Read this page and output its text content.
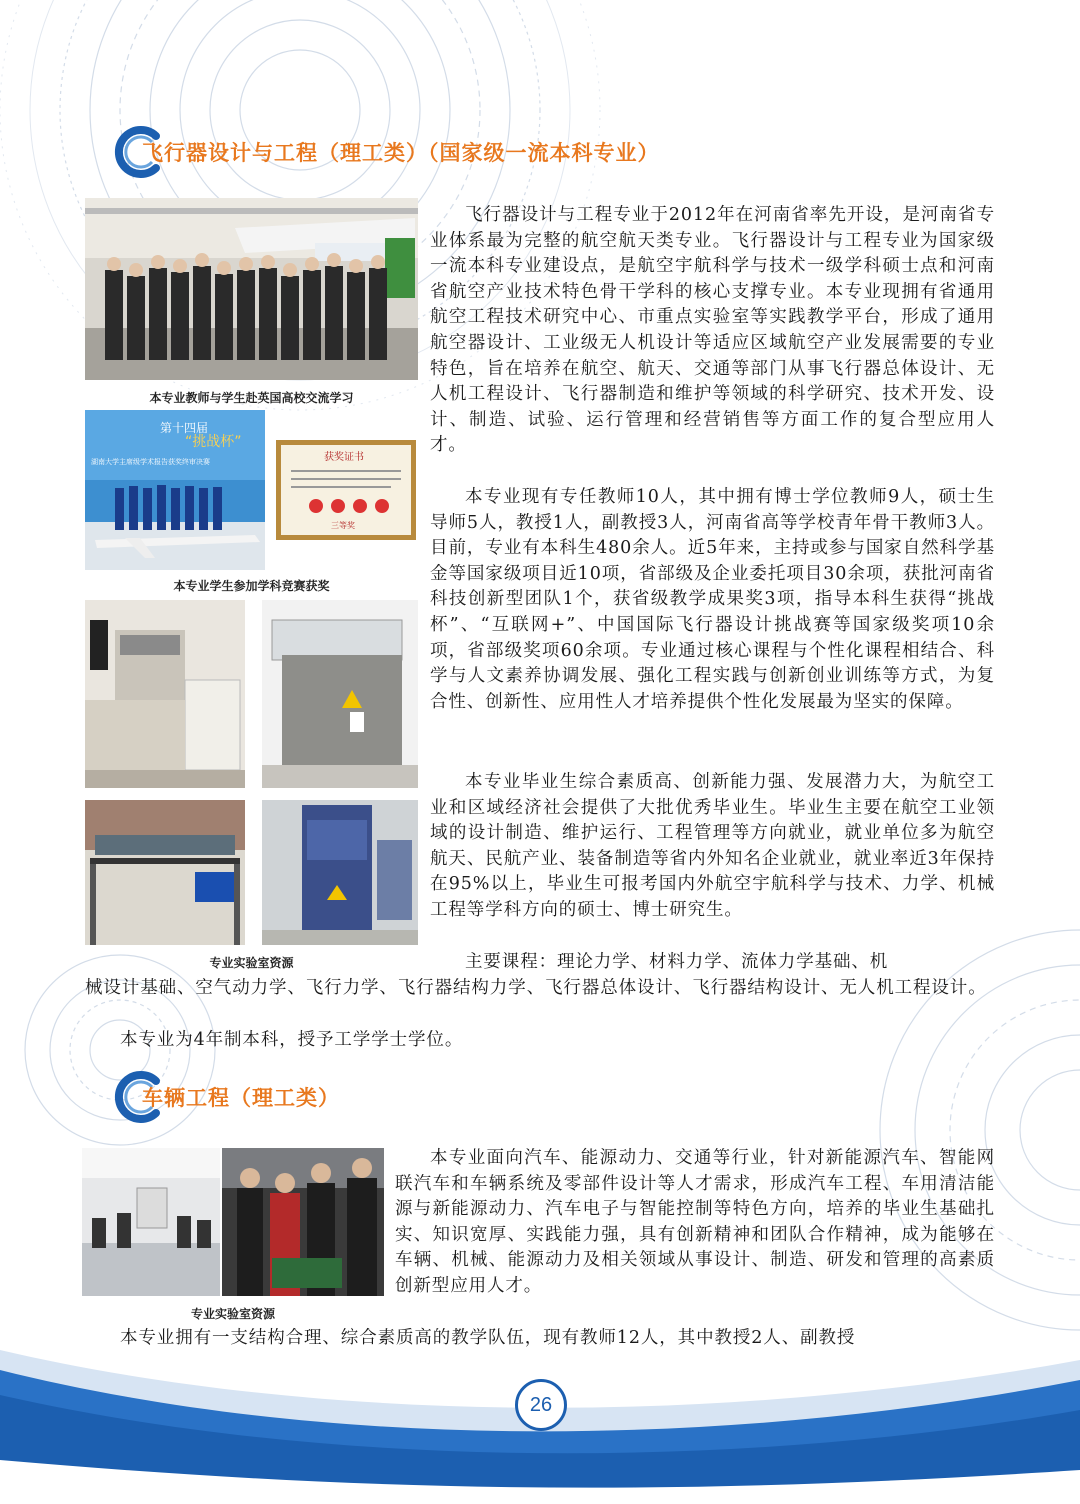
飞行器设计与工程（理工类）（国家级一流本科专业）
本专业教师与学生赴英国高校交流学习
第十四届
“挑战杯”
湖南大学主席级学术报告获奖终审决赛	获奖证书
三等奖
本专业学生参加学科竞赛获奖
专业实验室资源

飞行器设计与工程专业于2012年在河南省率先开设，是河南省专业体系最为完整的航空航天类专业。飞行器设计与工程专业为国家级一流本科专业建设点，是航空宇航科学与技术一级学科硕士点和河南省航空产业技术特色骨干学科的核心支撑专业。本专业现拥有省通用航空工程技术研究中心、市重点实验室等实践教学平台，形成了通用航空器设计、工业级无人机设计等适应区域航空产业发展需要的专业特色，旨在培养在航空、航天、交通等部门从事飞行器总体设计、无人机工程设计、飞行器制造和维护等领域的科学研究、技术开发、设计、制造、试验、运行管理和经营销售等方面工作的复合型应用人才。

本专业现有专任教师10人，其中拥有博士学位教师9人，硕士生导师5人，教授1人，副教授3人，河南省高等学校青年骨干教师3人。目前，专业有本科生480余人。近5年来，主持或参与国家自然科学基金等国家级项目近10项，省部级及企业委托项目30余项，获批河南省科技创新型团队1个，获省级教学成果奖3项，指导本科生获得“挑战杯”、“互联网+”、中国国际飞行器设计挑战赛等国家级奖项10余项，省部级奖项60余项。专业通过核心课程与个性化课程相结合、科学与人文素养协调发展、强化工程实践与创新创业训练等方式，为复合性、创新性、应用性人才培养提供个性化发展最为坚实的保障。

本专业毕业生综合素质高、创新能力强、发展潜力大，为航空工业和区域经济社会提供了大批优秀毕业生。毕业生主要在航空工业领域的设计制造、维护运行、工程管理等方向就业，就业单位多为航空航天、民航产业、装备制造等省内外知名企业就业，就业率近3年保持在95%以上，毕业生可报考国内外航空宇航科学与技术、力学、机械工程等学科方向的硕士、博士研究生。

主要课程：理论力学、材料力学、流体力学基础、机

械设计基础、空气动力学、飞行力学、飞行器结构力学、飞行器总体设计、飞行器结构设计、无人机工程设计。

本专业为4年制本科，授予工学学士学位。

车辆工程（理工类）
专业实验室资源

本专业面向汽车、能源动力、交通等行业，针对新能源汽车、智能网联汽车和车辆系统及零部件设计等人才需求，形成汽车工程、车用清洁能源与新能源动力、汽车电子与智能控制等特色方向，培养的毕业生基础扎实、知识宽厚、实践能力强，具有创新精神和团队合作精神，成为能够在车辆、机械、能源动力及相关领域从事设计、制造、研发和管理的高素质创新型应用人才。

本专业拥有一支结构合理、综合素质高的教学队伍，现有教师12人，其中教授2人、副教授

26
